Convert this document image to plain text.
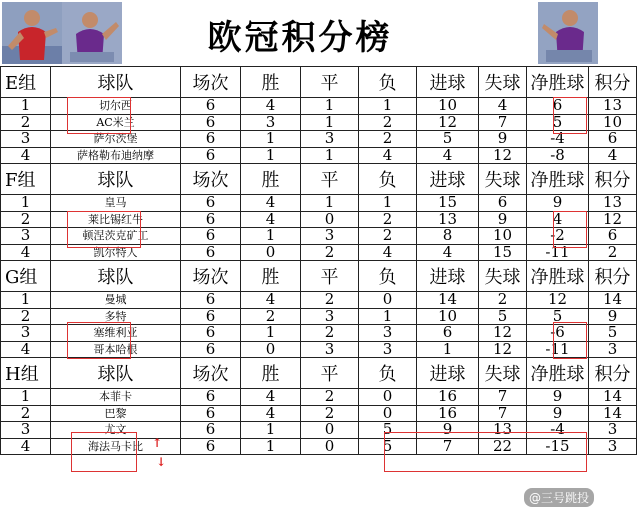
欧冠积分榜
E组	球队	场次	胜	平	负	进球	失球	净胜球	积分
1	切尔西	6	4	1	1	10	4	6	13
2	AC米兰	6	3	1	2	12	7	5	10
3	萨尔茨堡	6	1	3	2	5	9	-4	6
4	萨格勒布迪纳摩	6	1	1	4	4	12	-8	4
F组	球队	场次	胜	平	负	进球	失球	净胜球	积分
1	皇马	6	4	1	1	15	6	9	13
2	莱比锡红牛	6	4	0	2	13	9	4	12
3	顿涅茨克矿工	6	1	3	2	8	10	-2	6
4	凯尔特人	6	0	2	4	4	15	-11	2
G组	球队	场次	胜	平	负	进球	失球	净胜球	积分
1	曼城	6	4	2	0	14	2	12	14
2	多特	6	2	3	1	10	5	5	9
3	塞维利亚	6	1	2	3	6	12	-6	5
4	哥本哈根	6	0	3	3	1	12	-11	3
H组	球队	场次	胜	平	负	进球	失球	净胜球	积分
1	本菲卡	6	4	2	0	16	7	9	14
2	巴黎	6	4	2	0	16	7	9	14
3	尤文	6	1	0	5	9	13	-4	3
4	海法马卡比	6	1	0	5	7	22	-15	3
↑
↓
@三号跳投
